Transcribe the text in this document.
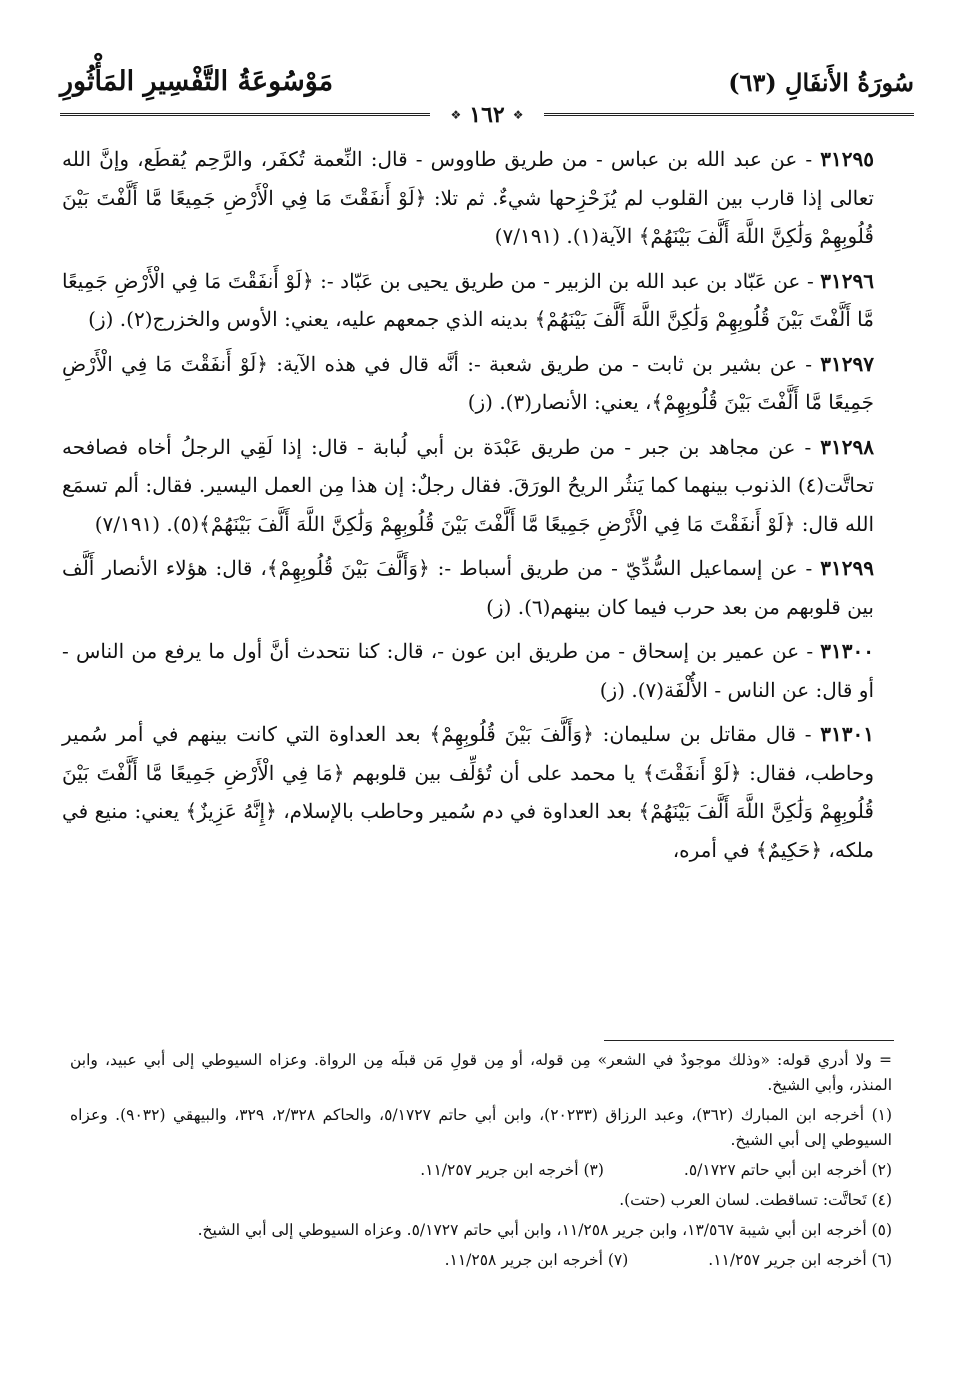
سُورَةُ الأَنفَالِ (٦٣)
مَوْسُوعَةُ التَّفْسِيرِ المَأْثُورِ
❖ ١٦٢ ❖

٣١٢٩٥ - عن عبد الله بن عباس - من طريق طاووس - قال: النِّعمة تُكفَر، والرَّحِم يُقطَع، وإنَّ الله تعالى إذا قارب بين القلوب لم يُزَحْزِحها شيءٌ. ثم تلا: ﴿لَوْ أَنفَقْتَ مَا فِي الْأَرْضِ جَمِيعًا مَّا أَلَّفْتَ بَيْنَ قُلُوبِهِمْ وَلَٰكِنَّ اللَّهَ أَلَّفَ بَيْنَهُمْ﴾ الآية(١). (٧/١٩١)

٣١٢٩٦ - عن عَبّاد بن عبد الله بن الزبير - من طريق يحيى بن عَبّاد -: ﴿لَوْ أَنفَقْتَ مَا فِي الْأَرْضِ جَمِيعًا مَّا أَلَّفْتَ بَيْنَ قُلُوبِهِمْ وَلَٰكِنَّ اللَّهَ أَلَّفَ بَيْنَهُمْ﴾ بدينه الذي جمعهم عليه، يعني: الأوس والخزرج(٢). (ز)

٣١٢٩٧ - عن بشير بن ثابت - من طريق شعبة -: أنَّه قال في هذه الآية: ﴿لَوْ أَنفَقْتَ مَا فِي الْأَرْضِ جَمِيعًا مَّا أَلَّفْتَ بَيْنَ قُلُوبِهِمْ﴾، يعني: الأنصار(٣). (ز)

٣١٢٩٨ - عن مجاهد بن جبر - من طريق عَبْدَة بن أبي لُبابة - قال: إذا لَقِي الرجلُ أخاه فصافحه تحاتَّت(٤) الذنوب بينهما كما يَنثُر الريحُ الورَقَ. فقال رجلٌ: إن هذا مِن العمل اليسير. فقال: ألم تسمَع الله قال: ﴿لَوْ أَنفَقْتَ مَا فِي الْأَرْضِ جَمِيعًا مَّا أَلَّفْتَ بَيْنَ قُلُوبِهِمْ وَلَٰكِنَّ اللَّهَ أَلَّفَ بَيْنَهُمْ﴾(٥). (٧/١٩١)

٣١٢٩٩ - عن إسماعيل السُّدِّيّ - من طريق أسباط -: ﴿وَأَلَّفَ بَيْنَ قُلُوبِهِمْ﴾، قال: هؤلاء الأنصار أَلَّف بين قلوبهم من بعد حرب فيما كان بينهم(٦). (ز)

٣١٣٠٠ - عن عمير بن إسحاق - من طريق ابن عون -، قال: كنا نتحدث أنَّ أول ما يرفع من الناس - أو قال: عن الناس - الأُلْفَة(٧). (ز)

٣١٣٠١ - قال مقاتل بن سليمان: ﴿وَأَلَّفَ بَيْنَ قُلُوبِهِمْ﴾ بعد العداوة التي كانت بينهم في أمر سُمير وحاطب، فقال: ﴿لَوْ أَنفَقْتَ﴾ يا محمد على أن تُؤلِّف بين قلوبهم ﴿مَا فِي الْأَرْضِ جَمِيعًا مَّا أَلَّفْتَ بَيْنَ قُلُوبِهِمْ وَلَٰكِنَّ اللَّهَ أَلَّفَ بَيْنَهُمْ﴾ بعد العداوة في دم سُمير وحاطب بالإسلام، ﴿إِنَّهُ عَزِيزٌ﴾ يعني: منيع في ملكه، ﴿حَكِيمٌ﴾ في أمره،

= ولا أدري قوله: «وذلك موجودٌ في الشعر» مِن قوله، أو مِن قولِ مَن قبلَه مِن الرواة. وعزاه السيوطي إلى أبي عبيد، وابن المنذر، وأبي الشيخ.

(١) أخرجه ابن المبارك (٣٦٢)، وعبد الرزاق (٢٠٢٣٣)، وابن أبي حاتم ٥/١٧٢٧، والحاكم ٢/٣٢٨، ٣٢٩، والبيهقي (٩٠٣٢). وعزاه السيوطي إلى أبي الشيخ.

(٢) أخرجه ابن أبي حاتم ٥/١٧٢٧.
(٣) أخرجه ابن جرير ١١/٢٥٧.

(٤) تَحاتَّت: تساقطت. لسان العرب (حتت).

(٥) أخرجه ابن أبي شيبة ١٣/٥٦٧، وابن جرير ١١/٢٥٨، وابن أبي حاتم ٥/١٧٢٧. وعزاه السيوطي إلى أبي الشيخ.

(٦) أخرجه ابن جرير ١١/٢٥٧.
(٧) أخرجه ابن جرير ١١/٢٥٨.
